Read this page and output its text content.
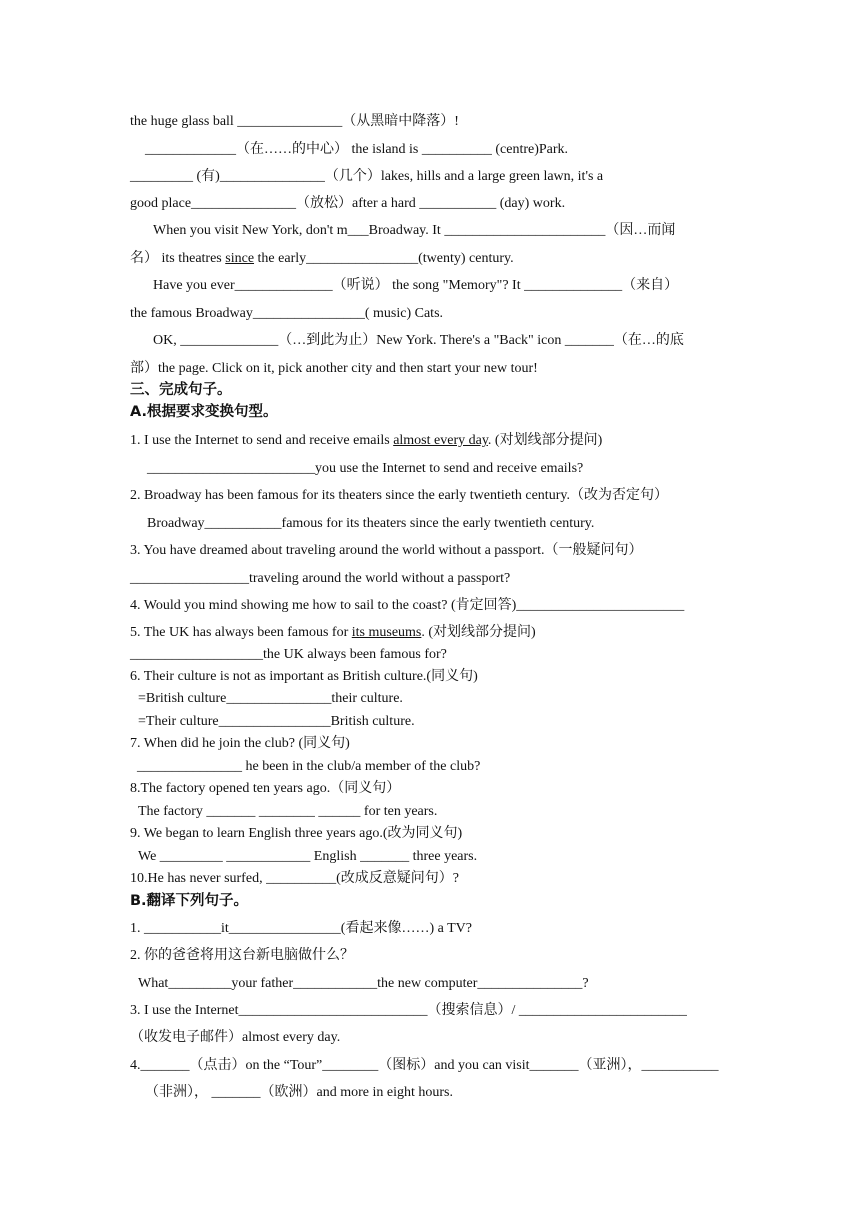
the huge glass ball _______________（从黑暗中降落）!
_____________（在……的中心） the island is __________ (centre)Park.
_________ (有)_______________（几个）lakes, hills and a large green lawn, it's a
good place_______________（放松）after a hard ___________ (day) work.
When you visit New York, don't m___Broadway. It _______________________（因…而闻
名） its theatres since the early________________(twenty) century.
Have you ever______________（听说） the song "Memory"? It ______________（来自）
the famous Broadway________________( music) Cats.
OK, ______________（…到此为止）New York. There's a "Back" icon _______（在…的底
部）the page. Click on it, pick another city and then start your new tour!
三、完成句子。
A.根据要求变换句型。
1. I use the Internet to send and receive emails almost every day. (对划线部分提问)
________________________you use the Internet to send and receive emails?
2. Broadway has been famous for its theaters since the early twentieth century.（改为否定句）
Broadway___________famous for its theaters since the early twentieth century.
3. You have dreamed about traveling around the world without a passport.（一般疑问句）
_________________traveling around the world without a passport?
4. Would you mind showing me how to sail to the coast? (肯定回答)________________________
5. The UK has always been famous for its museums. (对划线部分提问)
___________________the UK always been famous for?
6. Their culture is not as important as British culture.(同义句)
=British culture_______________their culture.
=Their culture________________British culture.
7. When did he join the club? (同义句)
_______________ he been in the club/a member of the club?
8.The factory opened ten years ago.（同义句）
The factory _______ ________ ______ for ten years.
9. We began to learn English three years ago.(改为同义句)
We _________ ____________ English _______ three years.
10.He has never surfed, __________(改成反意疑问句）?
B.翻译下列句子。
1. ___________it________________(看起来像……) a TV?
2. 你的爸爸将用这台新电脑做什么？
What_________your father____________the new computer_______________?
3. I use the Internet___________________________（搜索信息）/ ________________________
（收发电子邮件）almost every day.
4._______（点击）on the “Tour”________（图标）and you can visit_______（亚洲），___________
（非洲）， _______（欧洲）and more in eight hours.
